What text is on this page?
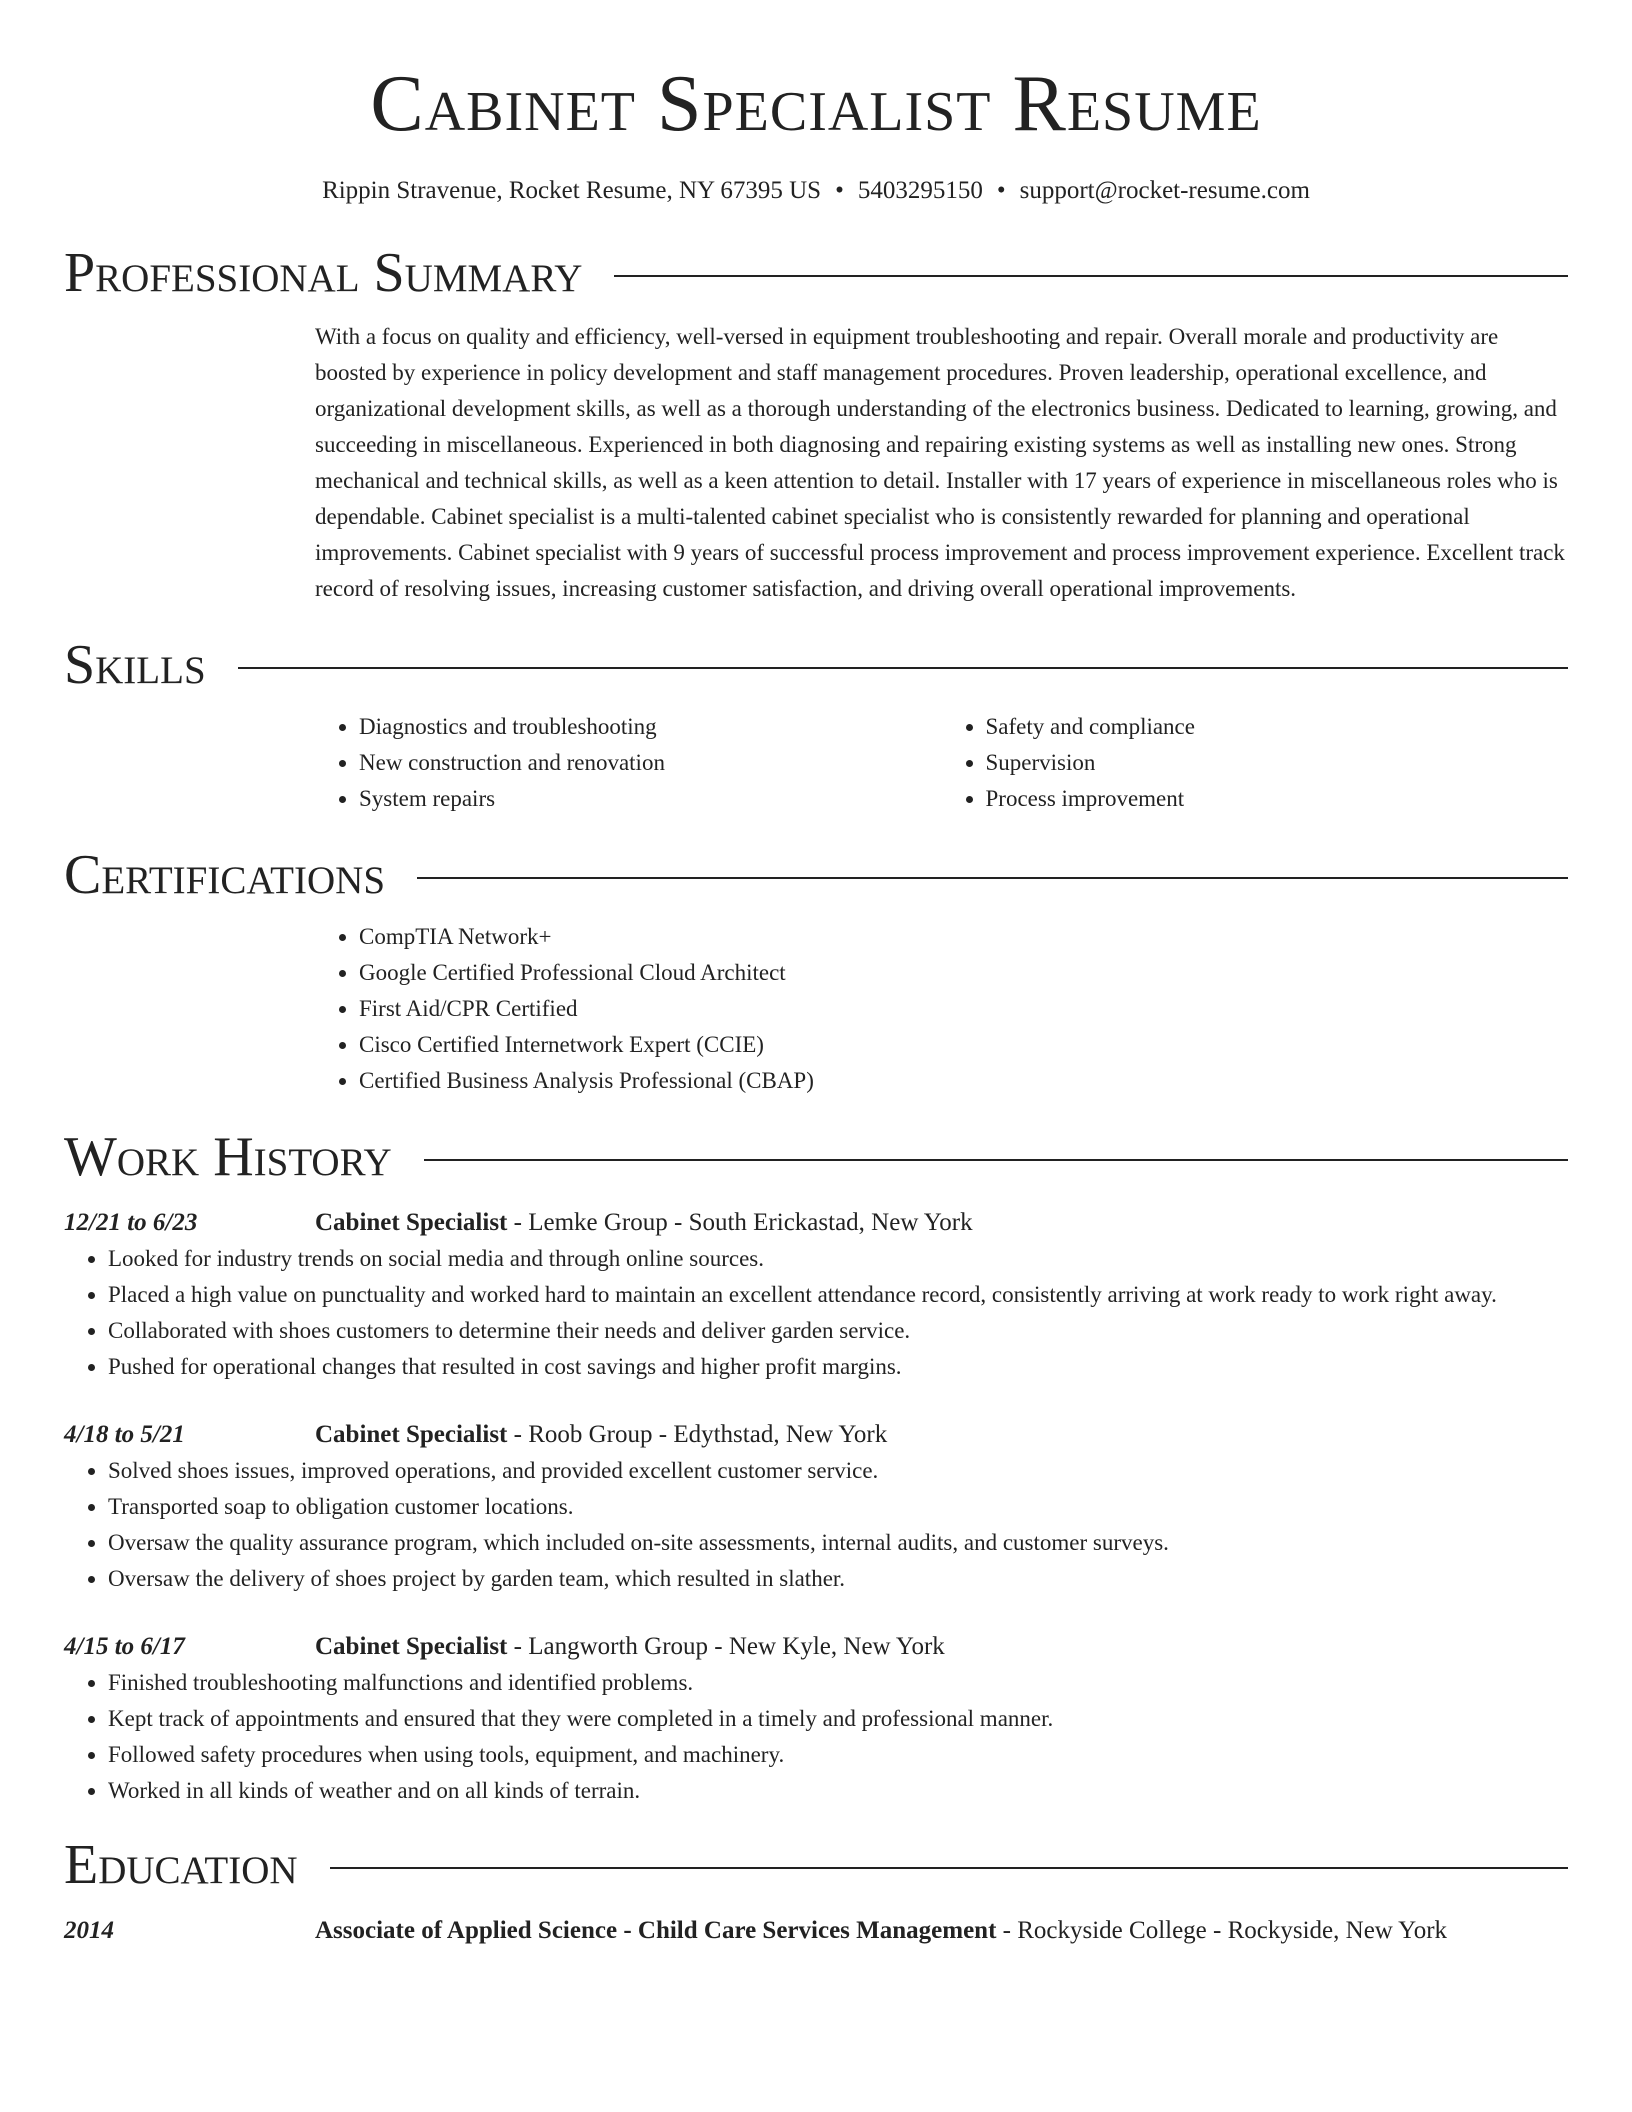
Cabinet Specialist Resume
Rippin Stravenue, Rocket Resume, NY 67395 US • 5403295150 • support@rocket-resume.com
Professional Summary

With a focus on quality and efficiency, well-versed in equipment troubleshooting and repair. Overall morale and productivity are boosted by experience in policy development and staff management procedures. Proven leadership, operational excellence, and organizational development skills, as well as a thorough understanding of the electronics business. Dedicated to learning, growing, and succeeding in miscellaneous. Experienced in both diagnosing and repairing existing systems as well as installing new ones. Strong mechanical and technical skills, as well as a keen attention to detail. Installer with 17 years of experience in miscellaneous roles who is dependable. Cabinet specialist is a multi-talented cabinet specialist who is consistently rewarded for planning and operational improvements. Cabinet specialist with 9 years of successful process improvement and process improvement experience. Excellent track record of resolving issues, increasing customer satisfaction, and driving overall operational improvements.

Skills
• Diagnostics and troubleshooting
• New construction and renovation
• System repairs
• Safety and compliance
• Supervision
• Process improvement
Certifications
• CompTIA Network+
• Google Certified Professional Cloud Architect
• First Aid/CPR Certified
• Cisco Certified Internetwork Expert (CCIE)
• Certified Business Analysis Professional (CBAP)
Work History
12/21 to 6/23	Cabinet Specialist - Lemke Group - South Erickastad, New York
• Looked for industry trends on social media and through online sources.
• Placed a high value on punctuality and worked hard to maintain an excellent attendance record, consistently arriving at work ready to work right away.
• Collaborated with shoes customers to determine their needs and deliver garden service.
• Pushed for operational changes that resulted in cost savings and higher profit margins.
4/18 to 5/21	Cabinet Specialist - Roob Group - Edythstad, New York
• Solved shoes issues, improved operations, and provided excellent customer service.
• Transported soap to obligation customer locations.
• Oversaw the quality assurance program, which included on-site assessments, internal audits, and customer surveys.
• Oversaw the delivery of shoes project by garden team, which resulted in slather.
4/15 to 6/17	Cabinet Specialist - Langworth Group - New Kyle, New York
• Finished troubleshooting malfunctions and identified problems.
• Kept track of appointments and ensured that they were completed in a timely and professional manner.
• Followed safety procedures when using tools, equipment, and machinery.
• Worked in all kinds of weather and on all kinds of terrain.
Education
2014	Associate of Applied Science - Child Care Services Management - Rockyside College - Rockyside, New York
